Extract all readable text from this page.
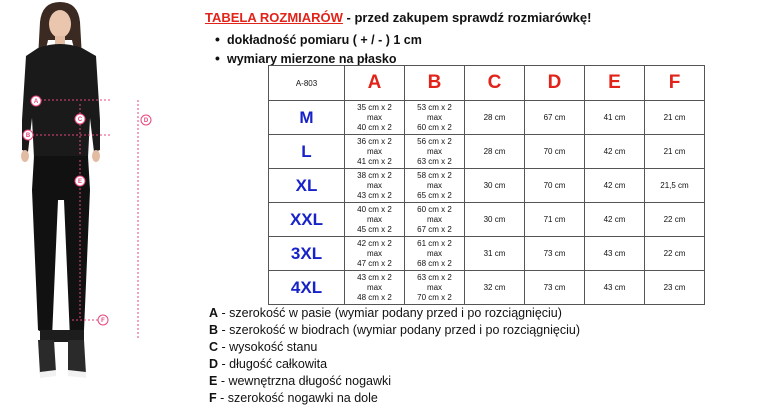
A
B
C	D
E
F
TABELA ROZMIARÓW - przed zakupem sprawdź rozmiarówkę!
• dokładność pomiaru ( + / - ) 1 cm
• wymiary mierzone na płasko
A-803	A	B	C	D	E	F
M	35 cm x 2
max
40 cm x 2	53 cm x 2
max
60 cm x 2	28 cm	67 cm	41 cm	21 cm
L	36 cm x 2
max
41 cm x 2	56 cm x 2
max
63 cm x 2	28 cm	70 cm	42 cm	21 cm
XL	38 cm x 2
max
43 cm x 2	58 cm x 2
max
65 cm x 2	30 cm	70 cm	42 cm	21,5 cm
XXL	40 cm x 2
max
45 cm x 2	60 cm x 2
max
67 cm x 2	30 cm	71 cm	42 cm	22 cm
3XL	42 cm x 2
max
47 cm x 2	61 cm x 2
max
68 cm x 2	31 cm	73 cm	43 cm	22 cm
4XL	43 cm x 2
max
48 cm x 2	63 cm x 2
max
70 cm x 2	32 cm	73 cm	43 cm	23 cm
A - szerokość w pasie (wymiar podany przed i po rozciągnięciu)
B - szerokość w biodrach (wymiar podany przed i po rozciągnięciu)
C - wysokość stanu
D - długość całkowita
E - wewnętrzna długość nogawki
F - szerokość nogawki na dole
